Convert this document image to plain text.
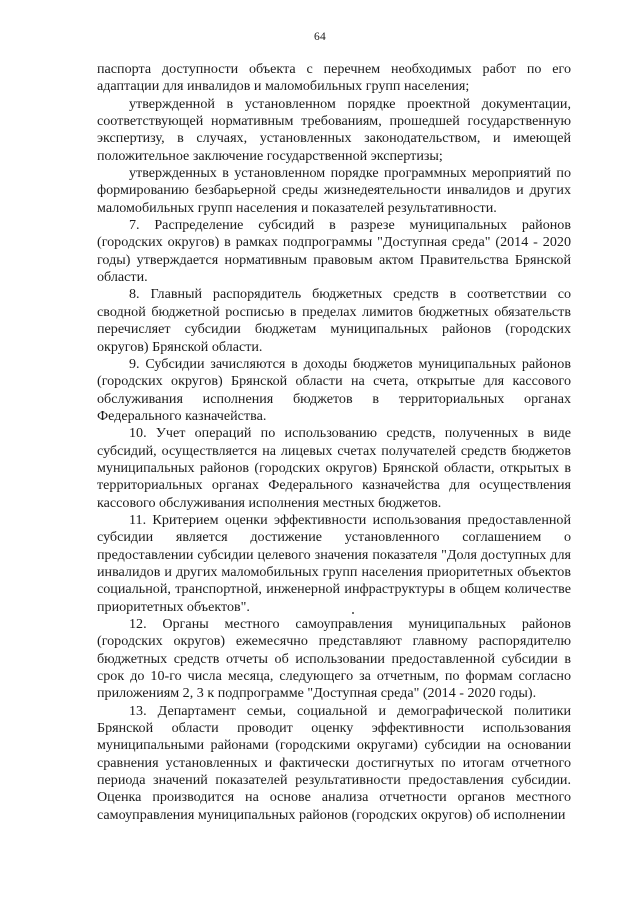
64

паспорта доступности объекта с перечнем необходимых работ по его адаптации для инвалидов и маломобильных групп населения;

утвержденной в установленном порядке проектной документации, соответствующей нормативным требованиям, прошедшей государственную экспертизу, в случаях, установленных законодательством, и имеющей положительное заключение государственной экспертизы;

утвержденных в установленном порядке программных мероприятий по формированию безбарьерной среды жизнедеятельности инвалидов и других маломобильных групп населения и показателей результативности.

7. Распределение субсидий в разрезе муниципальных районов (городских округов) в рамках подпрограммы "Доступная среда" (2014 - 2020 годы) утверждается нормативным правовым актом Правительства Брянской области.

8. Главный распорядитель бюджетных средств в соответствии со сводной бюджетной росписью в пределах лимитов бюджетных обязательств перечисляет субсидии бюджетам муниципальных районов (городских округов) Брянской области.

9. Субсидии зачисляются в доходы бюджетов муниципальных районов (городских округов) Брянской области на счета, открытые для кассового обслуживания исполнения бюджетов в территориальных органах Федерального казначейства.

10. Учет операций по использованию средств, полученных в виде субсидий, осуществляется на лицевых счетах получателей средств бюджетов муниципальных районов (городских округов) Брянской области, открытых в территориальных органах Федерального казначейства для осуществления кассового обслуживания исполнения местных бюджетов.

11. Критерием оценки эффективности использования предоставленной субсидии является достижение установленного соглашением о предоставлении субсидии целевого значения показателя "Доля доступных для инвалидов и других маломобильных групп населения приоритетных объектов социальной, транспортной, инженерной инфраструктуры в общем количестве приоритетных объектов".

12. Органы местного самоуправления муниципальных районов (городских округов) ежемесячно представляют главному распорядителю бюджетных средств отчеты об использовании предоставленной субсидии в срок до 10-го числа месяца, следующего за отчетным, по формам согласно приложениям 2, 3 к подпрограмме "Доступная среда" (2014 - 2020 годы).

13. Департамент семьи, социальной и демографической политики Брянской области проводит оценку эффективности использования муниципальными районами (городскими округами) субсидии на основании сравнения установленных и фактически достигнутых по итогам отчетного периода значений показателей результативности предоставления субсидии. Оценка производится на основе анализа отчетности органов местного самоуправления муниципальных районов (городских округов) об исполнении
